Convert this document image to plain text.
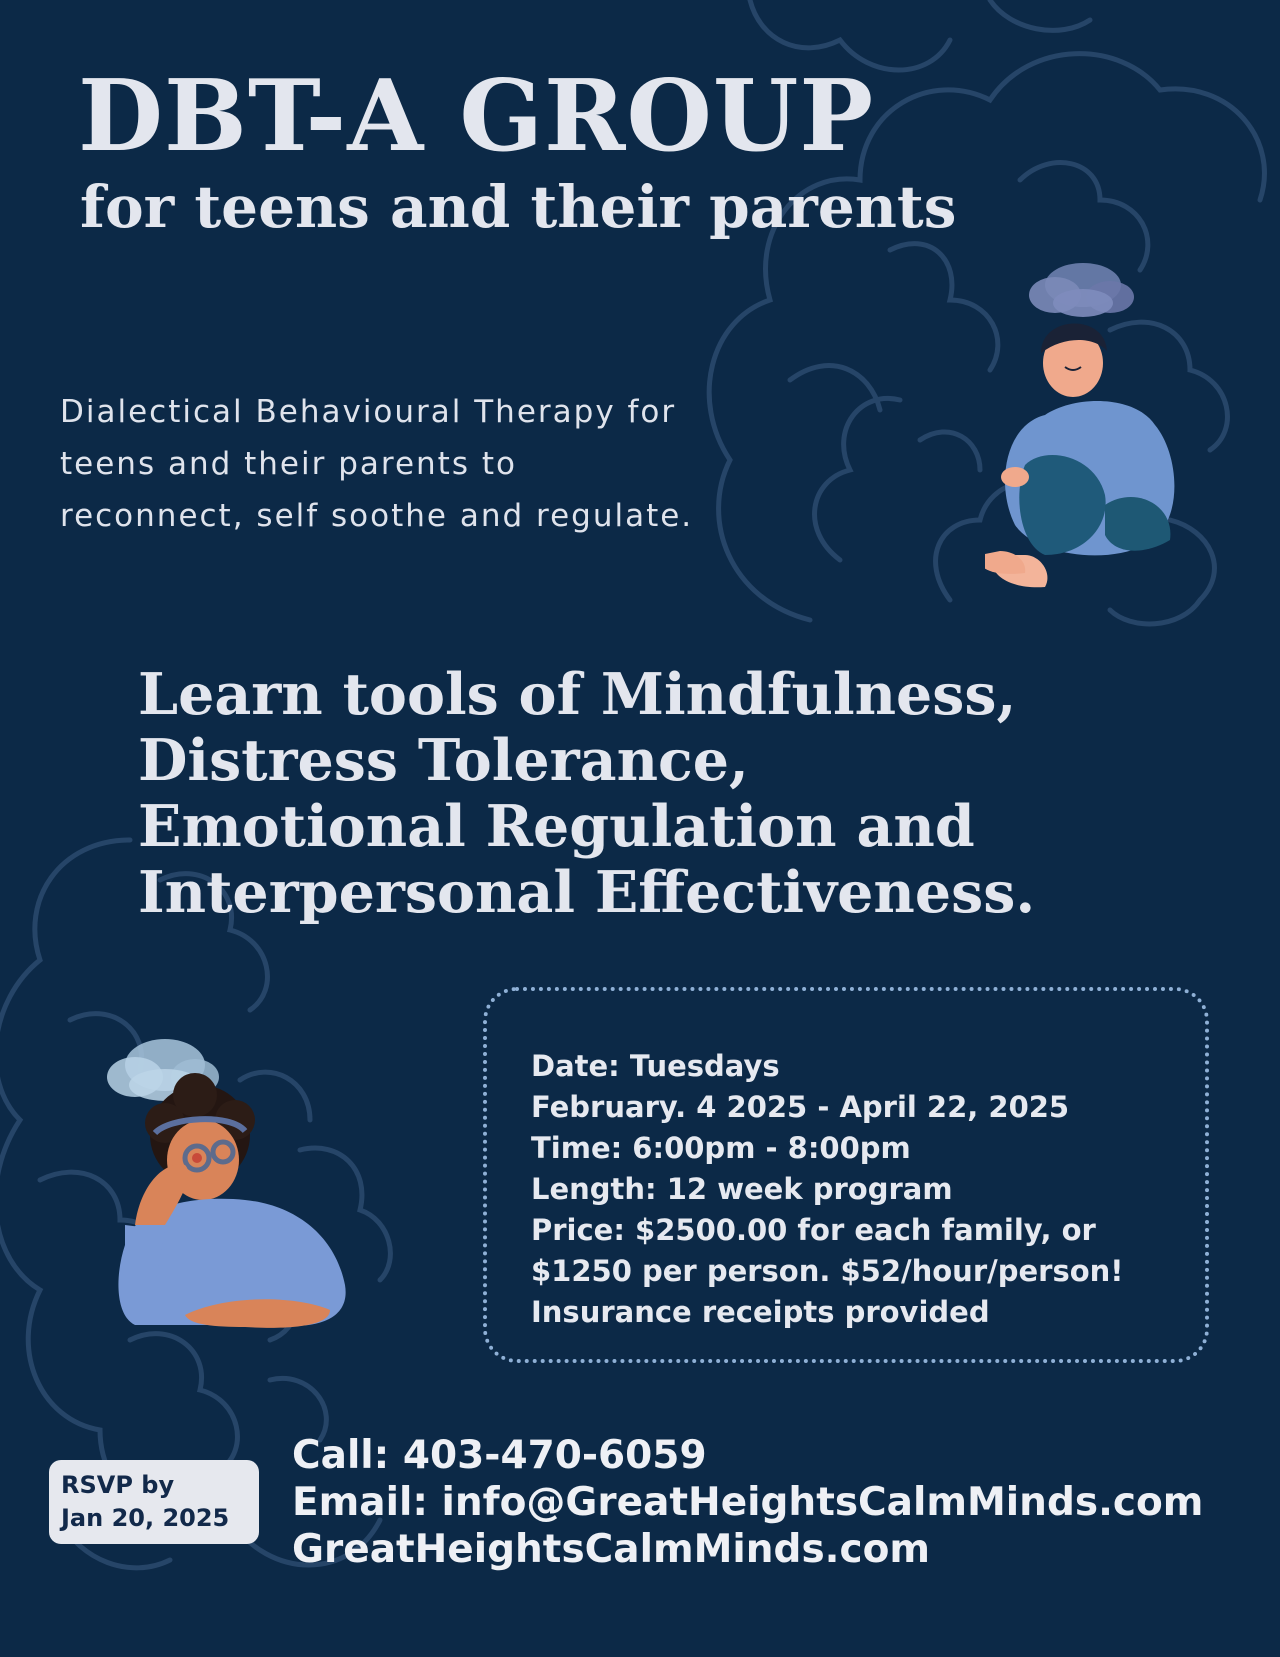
DBT-A GROUP
for teens and their parents
Dialectical Behavioural Therapy for
teens and their parents to
reconnect, self soothe and regulate.
Learn tools of Mindfulness,
Distress Tolerance,
Emotional Regulation and
Interpersonal Effectiveness.
Date: Tuesdays
February. 4 2025 - April 22, 2025
Time: 6:00pm - 8:00pm
Length: 12 week program
Price: $2500.00 for each family, or
$1250 per person. $52/hour/person!
Insurance receipts provided
RSVP by
Jan 20, 2025
Call: 403-470-6059
Email: info@GreatHeightsCalmMinds.com
GreatHeightsCalmMinds.com
